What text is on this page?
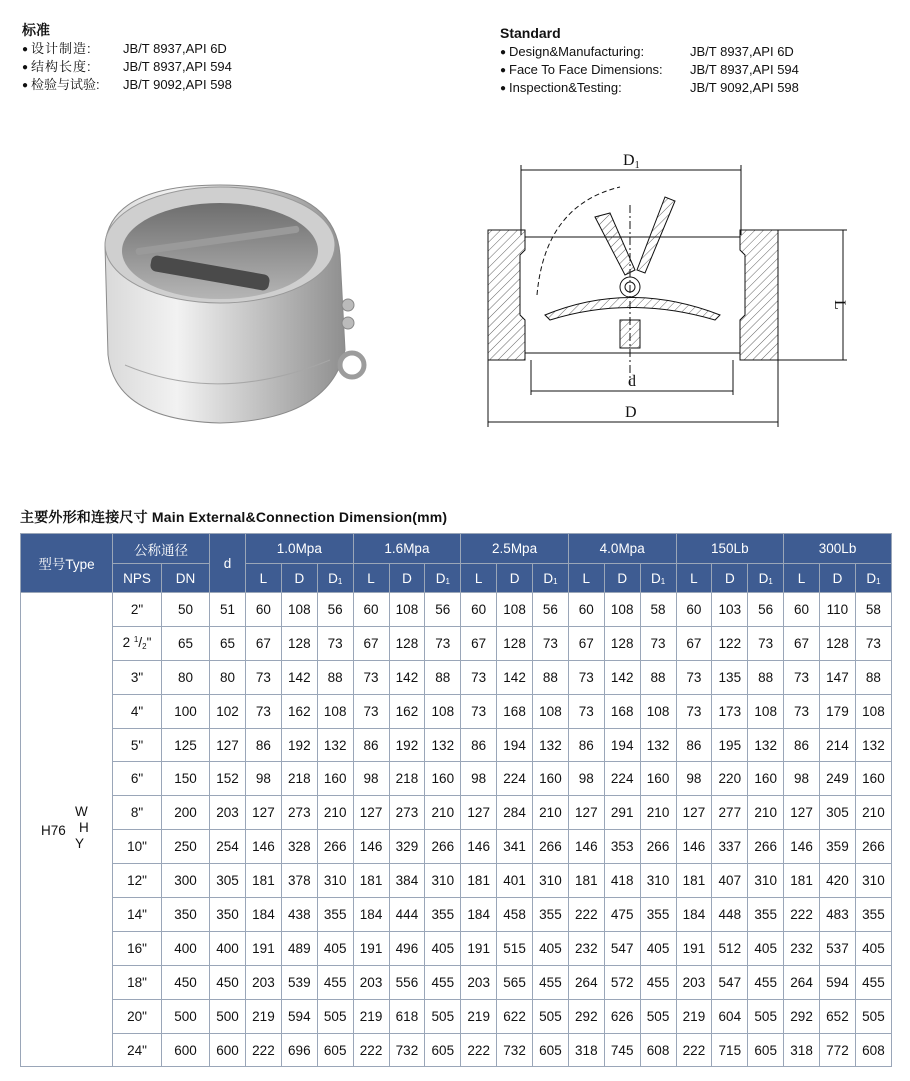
标准
● 设计制造: JB/T 8937,API 6D
● 结构长度: JB/T 8937,API 594
● 检验与试验: JB/T 9092,API 598
Standard
● Design&Manufacturing:	JB/T 8937,API 6D
● Face To Face Dimensions: JB/T 8937,API 594
● Inspection&Testing:	JB/T 9092,API 598
D1
L
d
D
主要外形和连接尺寸 Main External&Connection Dimension(mm)
型号Type	公称通径		d	1.0Mpa			1.6Mpa			2.5Mpa			4.0Mpa			150Lb			300Lb		
	NPS	DN		L	D	$D_1$	L	D	$D_1$	L	D	$D_1$	L	D	$D_1$	L	D	$D_1$	L	D	$D_1$

H76
W
H
Y	2"	50	51	60	108	56	60	108	56	60	108	56	60	108	58	60	103	56	60	110	58
	2 $^1/_2$"	65	65	67	128	73	67	128	73	67	128	73	67	128	73	67	122	73	67	128	73
	3"	80	80	73	142	88	73	142	88	73	142	88	73	142	88	73	135	88	73	147	88
	4"	100	102	73	162	108	73	162	108	73	168	108	73	168	108	73	173	108	73	179	108
	5"	125	127	86	192	132	86	192	132	86	194	132	86	194	132	86	195	132	86	214	132
	6"	150	152	98	218	160	98	218	160	98	224	160	98	224	160	98	220	160	98	249	160
	8"	200	203	127	273	210	127	273	210	127	284	210	127	291	210	127	277	210	127	305	210
	10"	250	254	146	328	266	146	329	266	146	341	266	146	353	266	146	337	266	146	359	266
	12"	300	305	181	378	310	181	384	310	181	401	310	181	418	310	181	407	310	181	420	310
	14"	350	350	184	438	355	184	444	355	184	458	355	222	475	355	184	448	355	222	483	355
	16"	400	400	191	489	405	191	496	405	191	515	405	232	547	405	191	512	405	232	537	405
	18"	450	450	203	539	455	203	556	455	203	565	455	264	572	455	203	547	455	264	594	455
	20"	500	500	219	594	505	219	618	505	219	622	505	292	626	505	219	604	505	292	652	505
	24"	600	600	222	696	605	222	732	605	222	732	605	318	745	608	222	715	605	318	772	608
